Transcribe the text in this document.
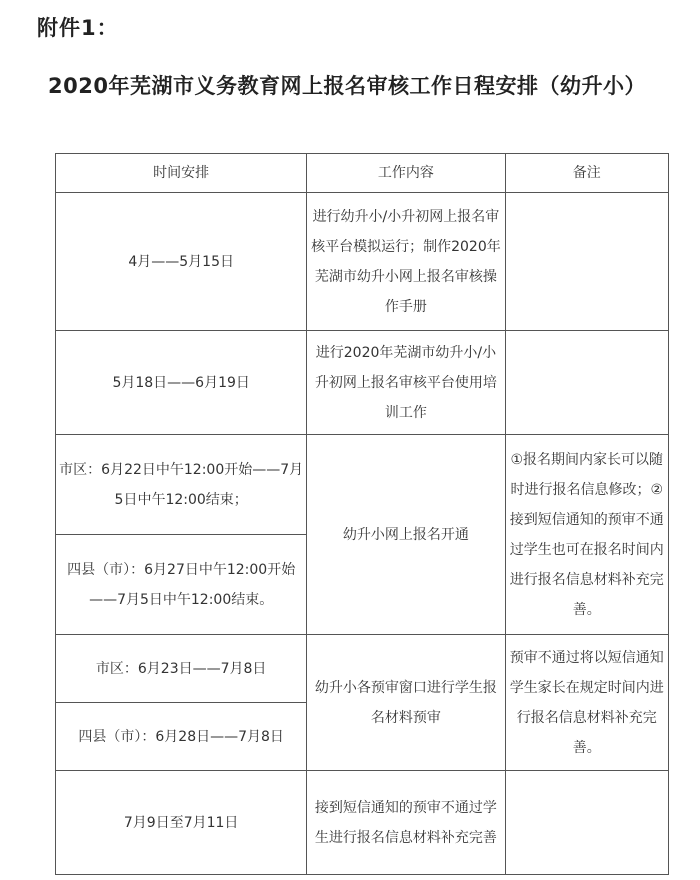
附件1：
2020年芜湖市义务教育网上报名审核工作日程安排（幼升小）
时间安排	工作内容	备注
4月——5月15日	进行幼升小/小升初网上报名审核平台模拟运行；制作2020年芜湖市幼升小网上报名审核操作手册	
5月18日——6月19日	进行2020年芜湖市幼升小/小升初网上报名审核平台使用培训工作	
市区：6月22日中午12:00开始——7月5日中午12:00结束；	幼升小网上报名开通	①报名期间内家长可以随时进行报名信息修改；②接到短信通知的预审不通过学生也可在报名时间内进行报名信息材料补充完善。
四县（市）：6月27日中午12:00开始——7月5日中午12:00结束。		
市区：6月23日——7月8日	幼升小各预审窗口进行学生报名材料预审	预审不通过将以短信通知学生家长在规定时间内进行报名信息材料补充完善。
四县（市）：6月28日——7月8日		
7月9日至7月11日	接到短信通知的预审不通过学生进行报名信息材料补充完善	
